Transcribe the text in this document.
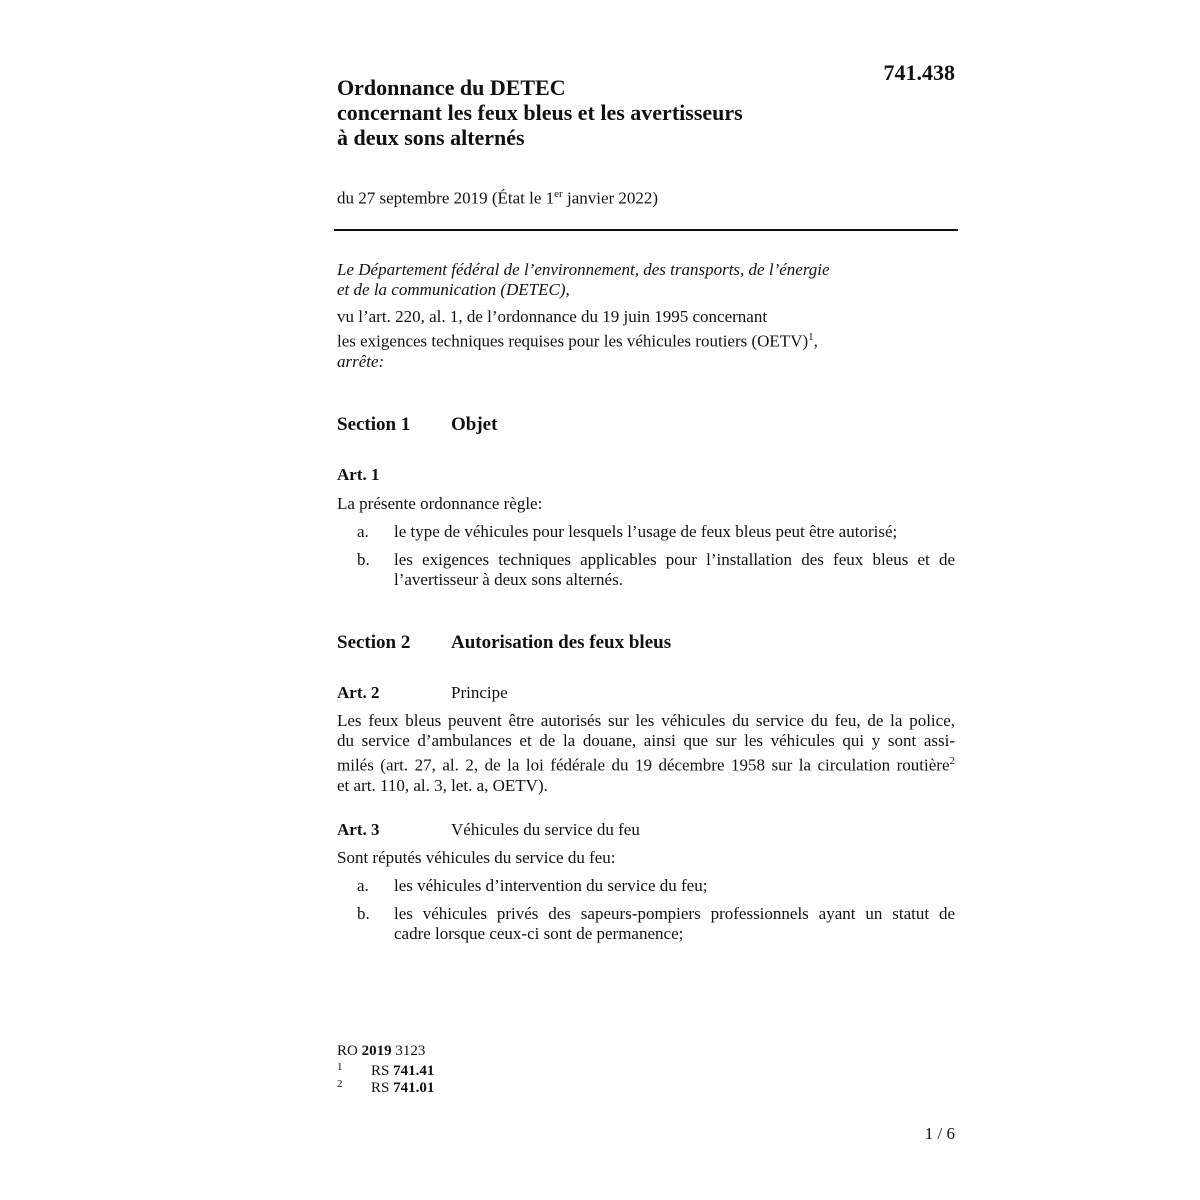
741.438
Ordonnance du DETEC
concernant les feux bleus et les avertisseurs
à deux sons alternés
du 27 septembre 2019 (État le 1er janvier 2022)
Le Département fédéral de l’environnement, des transports, de l’énergie
et de la communication (DETEC),
vu l’art. 220, al. 1, de l’ordonnance du 19 juin 1995 concernant
les exigences techniques requises pour les véhicules routiers (OETV)$^1$,
arrête:
Section 1 Objet
Art. 1
La présente ordonnance règle:
a.	le type de véhicules pour lesquels l’usage de feux bleus peut être autorisé;
b.	les exigences techniques applicables pour l’installation des feux bleus et de
l’avertisseur à deux sons alternés.
Section 2 Autorisation des feux bleus
Art. 2	Principe
Les feux bleus peuvent être autorisés sur les véhicules du service du feu, de la police,
du service d’ambulances et de la douane, ainsi que sur les véhicules qui y sont assi-
milés (art. 27, al. 2, de la loi fédérale du 19 décembre 1958 sur la circulation routière$^2$
et art. 110, al. 3, let. a, OETV).
Art. 3	Véhicules du service du feu
Sont réputés véhicules du service du feu:
a.	les véhicules d’intervention du service du feu;
b.	les véhicules privés des sapeurs-pompiers professionnels ayant un statut de
cadre lorsque ceux-ci sont de permanence;
RO 2019 3123
1 RS 741.41
2 RS 741.01
1 / 6
